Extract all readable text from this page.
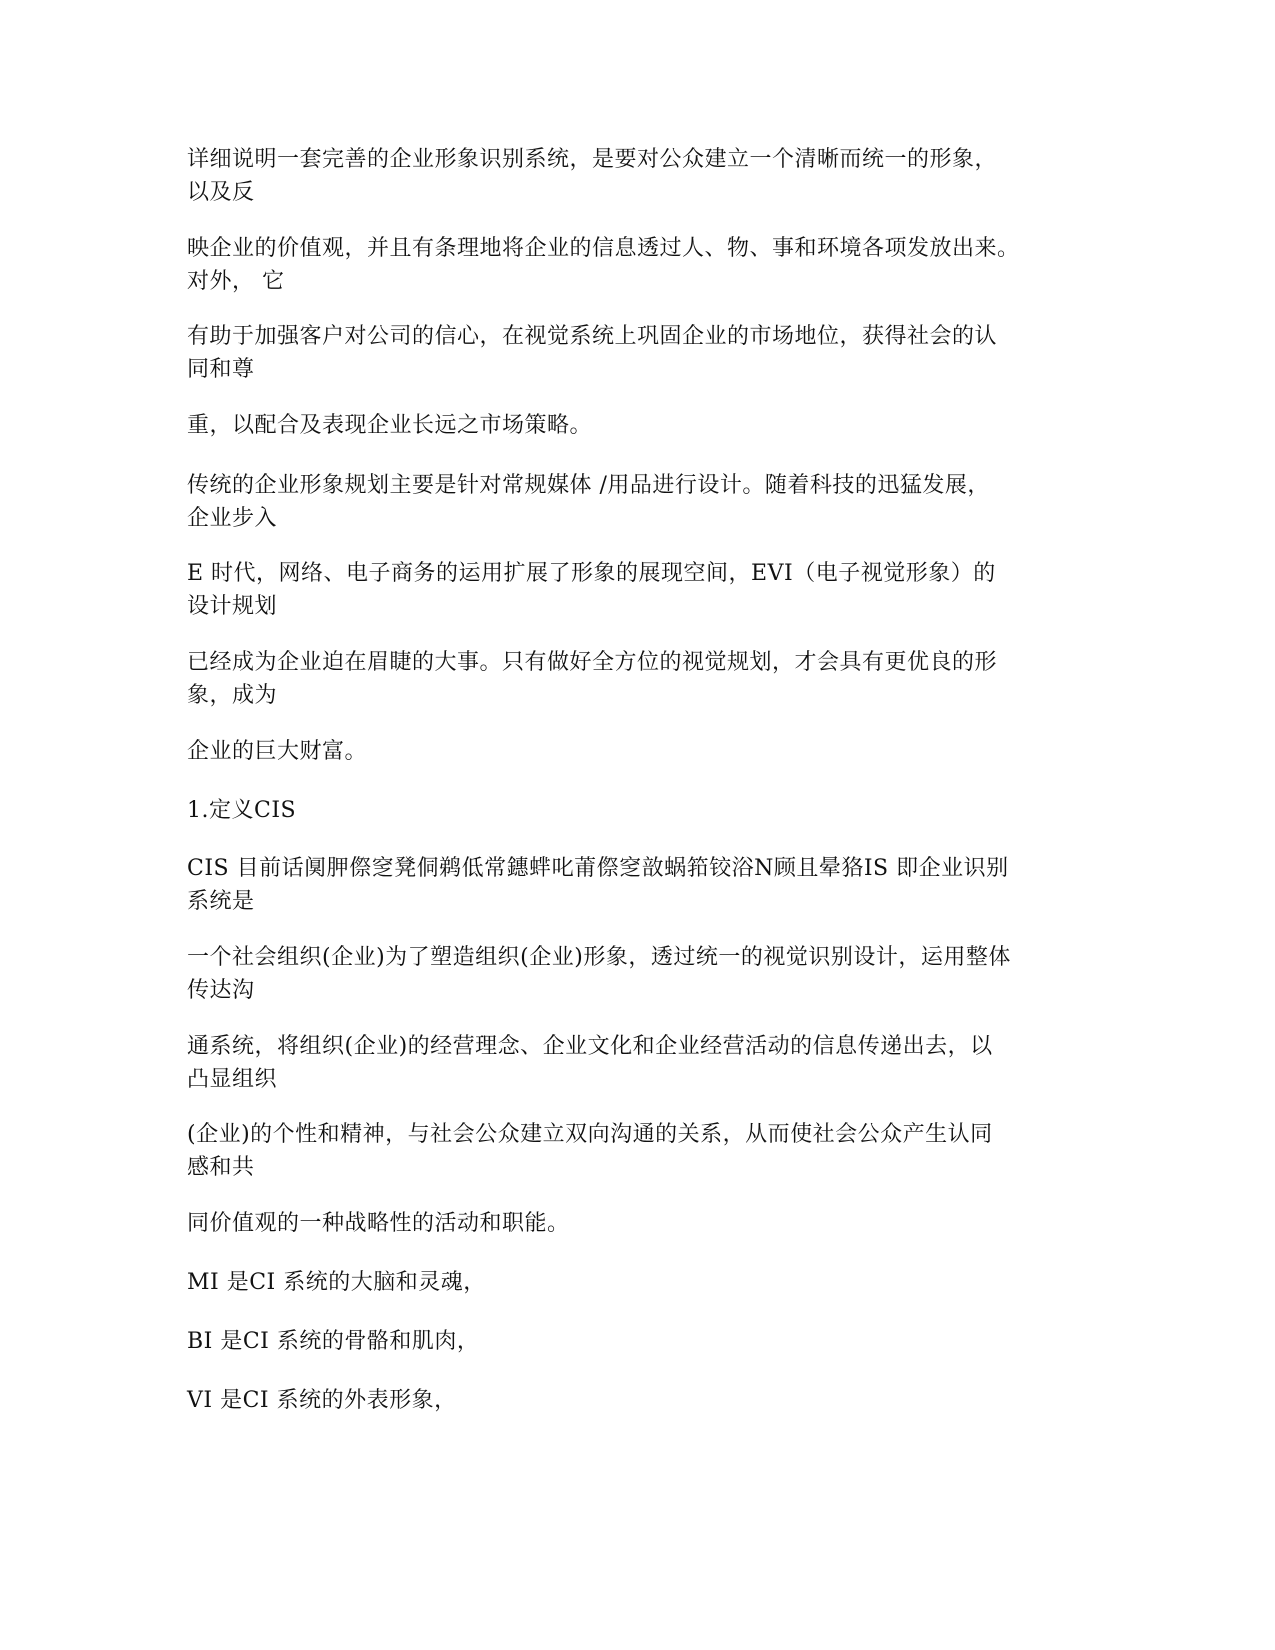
详细说明一套完善的企业形象识别系统，是要对公众建立一个清晰而统一的形象，
以及反
映企业的价值观，并且有条理地将企业的信息透过人、物、事和环境各项发放出来。
对外， 它
有助于加强客户对公司的信心，在视觉系统上巩固企业的市场地位，获得社会的认
同和尊
重，以配合及表现企业长远之市场策略。
传统的企业形象规划主要是针对常规媒体 /用品进行设计。随着科技的迅猛发展，
企业步入
E 时代，网络、电子商务的运用扩展了形象的展现空间，EVI（电子视觉形象）的
设计规划
已经成为企业迫在眉睫的大事。只有做好全方位的视觉规划，才会具有更优良的形
象，成为
企业的巨大财富。
1.定义CIS
CIS 目前话阒胛傺窆凳侗鹈低常鏸蝆叱莆傺窆敨蜗筘铰浴Ν顾且晕狢IS 即企业识别
系统是
一个社会组织(企业)为了塑造组织(企业)形象，透过统一的视觉识别设计，运用整体
传达沟
通系统，将组织(企业)的经营理念、企业文化和企业经营活动的信息传递出去，以
凸显组织
(企业)的个性和精神，与社会公众建立双向沟通的关系，从而使社会公众产生认同
感和共
同价值观的一种战略性的活动和职能。
MI 是CI 系统的大脑和灵魂，
BI 是CI 系统的骨骼和肌肉，
VI 是CI 系统的外表形象，
